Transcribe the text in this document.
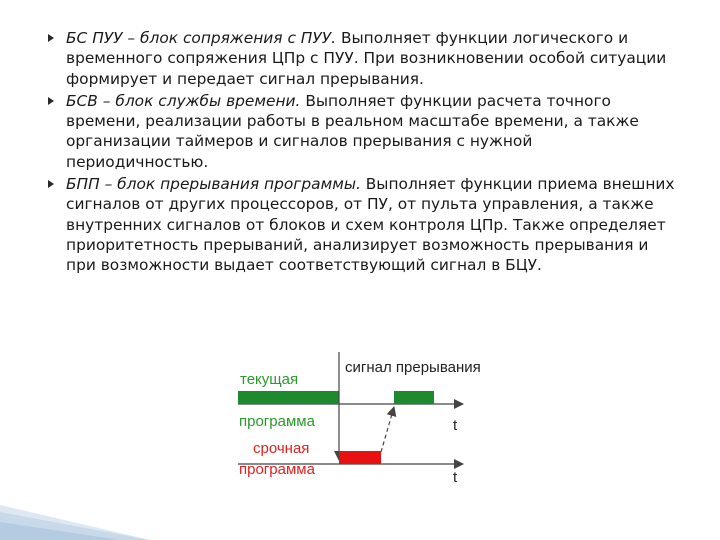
БС ПУУ – блок сопряжения с ПУУ. Выполняет функции логического и временного сопряжения ЦПр с ПУУ. При возникновении особой ситуации формирует и передает сигнал прерывания.
БСВ – блок службы времени. Выполняет функции расчета точного времени, реализации работы в реальном масштабе времени, а также организации таймеров и сигналов прерывания с нужной периодичностью.
БПП – блок прерывания программы. Выполняет функции приема внешних сигналов от других процессоров, от ПУ, от пульта управления, а также внутренних сигналов от блоков и схем контроля ЦПр. Также определяет приоритетность прерываний, анализирует возможность прерывания и при возможности выдает соответствующий сигнал в БЦУ.
текущая
программа
срочная
программа
сигнал прерывания
t
t
